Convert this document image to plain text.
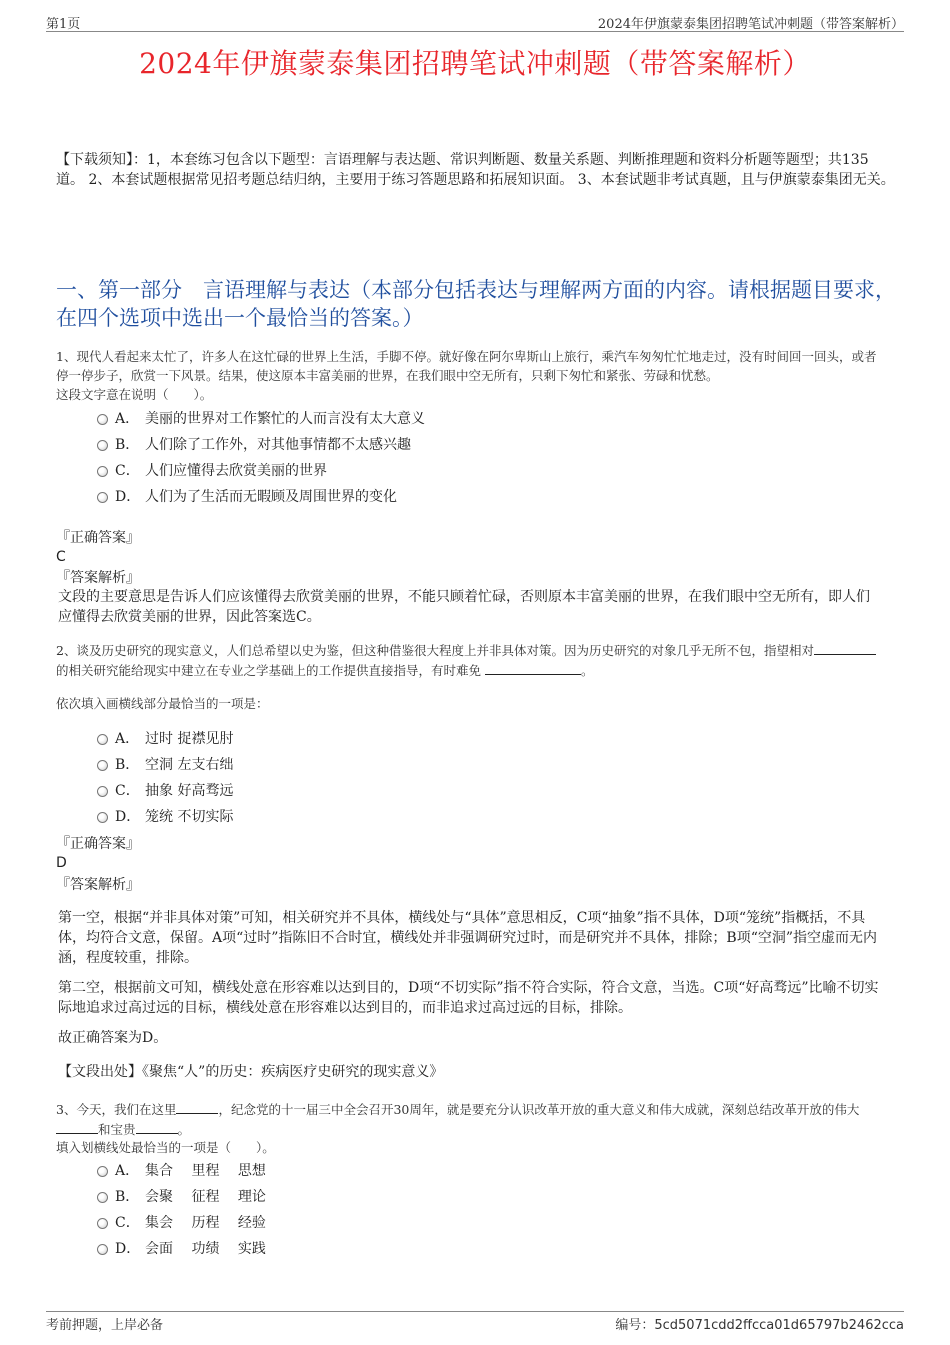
第1页	2024年伊旗蒙泰集团招聘笔试冲刺题（带答案解析）
2024年伊旗蒙泰集团招聘笔试冲刺题（带答案解析）
【下载须知】：1，本套练习包含以下题型：言语理解与表达题、常识判断题、数量关系题、判断推理题和资料分析题等题型；共135道。 2、本套试题根据常见招考题总结归纳，主要用于练习答题思路和拓展知识面。 3、本套试题非考试真题，且与伊旗蒙泰集团无关。
一、第一部分　言语理解与表达（本部分包括表达与理解两方面的内容。请根据题目要求，在四个选项中选出一个最恰当的答案。）
1、现代人看起来太忙了，许多人在这忙碌的世界上生活，手脚不停。就好像在阿尔卑斯山上旅行，乘汽车匆匆忙忙地走过，没有时间回一回头，或者停一停步子，欣赏一下风景。结果，使这原本丰富美丽的世界，在我们眼中空无所有，只剩下匆忙和紧张、劳碌和忧愁。
这段文字意在说明（　　）。
A． 美丽的世界对工作繁忙的人而言没有太大意义
B． 人们除了工作外，对其他事情都不太感兴趣
C． 人们应懂得去欣赏美丽的世界
D． 人们为了生活而无暇顾及周围世界的变化
『正确答案』
C
『答案解析』
文段的主要意思是告诉人们应该懂得去欣赏美丽的世界，不能只顾着忙碌，否则原本丰富美丽的世界，在我们眼中空无所有，即人们应懂得去欣赏美丽的世界，因此答案选C。
2、谈及历史研究的现实意义，人们总希望以史为鉴，但这种借鉴很大程度上并非具体对策。因为历史研究的对象几乎无所不包，指望相对的相关研究能给现实中建立在专业之学基础上的工作提供直接指导，有时难免	。
依次填入画横线部分最恰当的一项是：
A． 过时 捉襟见肘
B． 空洞 左支右绌
C． 抽象 好高骛远
D． 笼统 不切实际
『正确答案』
D
『答案解析』
第一空，根据“并非具体对策”可知，相关研究并不具体，横线处与“具体”意思相反，C项“抽象”指不具体，D项“笼统”指概括，不具体，均符合文意，保留。A项“过时”指陈旧不合时宜，横线处并非强调研究过时，而是研究并不具体，排除；B项“空洞”指空虚而无内涵，程度较重，排除。
第二空，根据前文可知，横线处意在形容难以达到目的，D项“不切实际”指不符合实际，符合文意，当选。C项“好高骛远”比喻不切实际地追求过高过远的目标，横线处意在形容难以达到目的，而非追求过高过远的目标，排除。
故正确答案为D。
【文段出处】《聚焦“人”的历史：疾病医疗史研究的现实意义》
3、今天，我们在这里	，纪念党的十一届三中全会召开30周年，就是要充分认识改革开放的重大意义和伟大成就，深刻总结改革开放的伟大和宝贵	。
填入划横线处最恰当的一项是（　　）。
A． 集合　 里程　 思想
B． 会聚　 征程　 理论
C． 集会　 历程　 经验
D． 会面　 功绩　 实践
考前押题，上岸必备	编号：5cd5071cdd2ffcca01d65797b2462cca
